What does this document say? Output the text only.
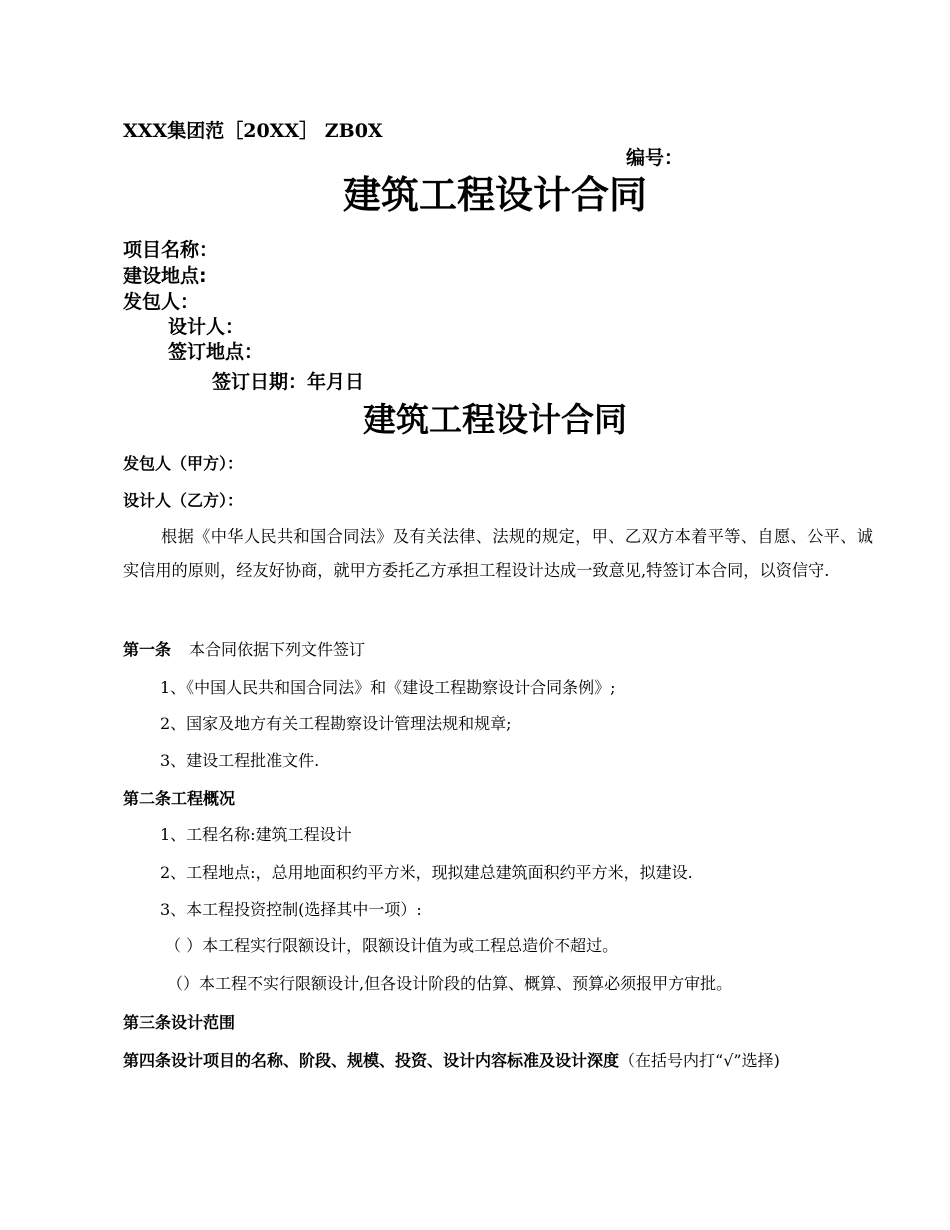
XXX集团范［20XX］ ZB0X
编号：
建筑工程设计合同
项目名称：
建设地点:
发包人：
设计人：
签订地点：
签订日期：年月日
建筑工程设计合同
发包人（甲方）：
设计人（乙方）：
根据《中华人民共和国合同法》及有关法律、法规的规定，甲、乙双方本着平等、自愿、公平、诚实信用的原则，经友好协商，就甲方委托乙方承担工程设计达成一致意见,特签订本合同，以资信守.
第一条 本合同依据下列文件签订
1、《中国人民共和国合同法》和《建设工程勘察设计合同条例》;
2、国家及地方有关工程勘察设计管理法规和规章;
3、建设工程批准文件.
第二条工程概况
1、工程名称:建筑工程设计
2、工程地点:，总用地面积约平方米，现拟建总建筑面积约平方米，拟建设.
3、本工程投资控制(选择其中一项）:
（ ）本工程实行限额设计，限额设计值为或工程总造价不超过。
（）本工程不实行限额设计,但各设计阶段的估算、概算、预算必须报甲方审批。
第三条设计范围
第四条设计项目的名称、阶段、规模、投资、设计内容标准及设计深度（在括号内打“√”选择)
